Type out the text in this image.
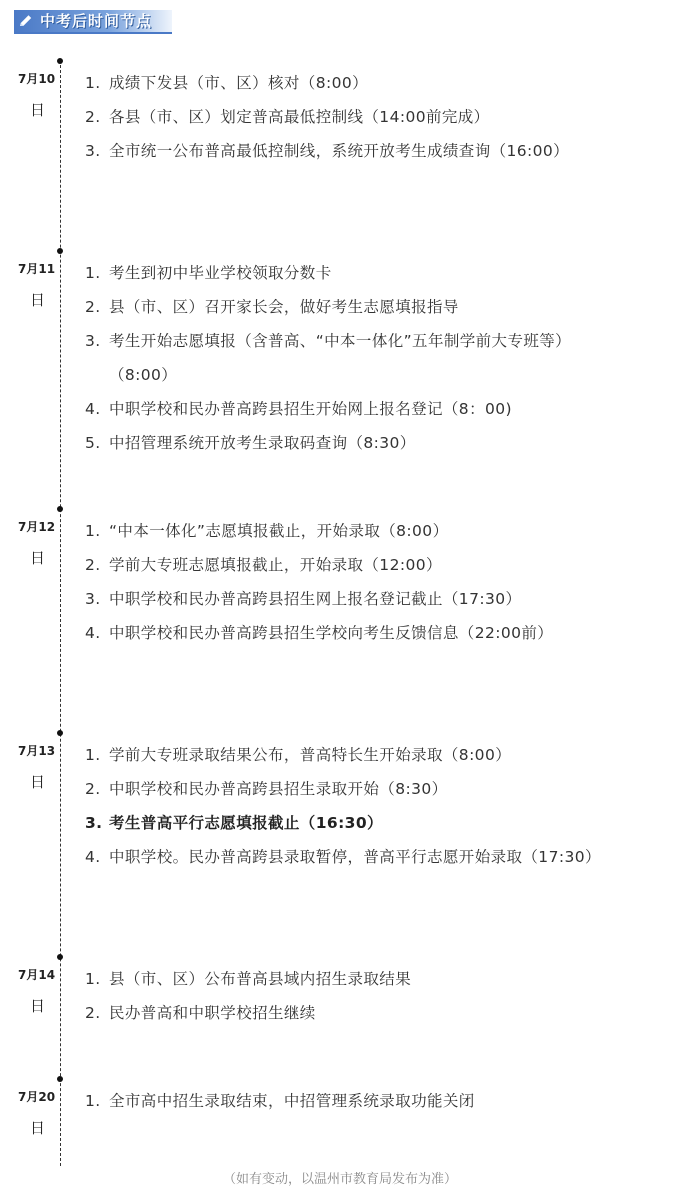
中考后时间节点
7月10
日
1. 成绩下发县（市、区）核对（8:00）
2. 各县（市、区）划定普高最低控制线（14:00前完成）
3. 全市统一公布普高最低控制线，系统开放考生成绩查询（16:00）
7月11
日
1. 考生到初中毕业学校领取分数卡
2. 县（市、区）召开家长会，做好考生志愿填报指导
3. 考生开始志愿填报（含普高、“中本一体化”五年制学前大专班等）（8:00）
4. 中职学校和民办普高跨县招生开始网上报名登记（8：00)
5. 中招管理系统开放考生录取码查询（8:30）
7月12
日
1. “中本一体化”志愿填报截止，开始录取（8:00）
2. 学前大专班志愿填报截止，开始录取（12:00）
3. 中职学校和民办普高跨县招生网上报名登记截止（17:30）
4. 中职学校和民办普高跨县招生学校向考生反馈信息（22:00前）
7月13
日
1. 学前大专班录取结果公布，普高特长生开始录取（8:00）
2. 中职学校和民办普高跨县招生录取开始（8:30）
3. 考生普高平行志愿填报截止（16:30）
4. 中职学校。民办普高跨县录取暂停，普高平行志愿开始录取（17:30）
7月14
日
1. 县（市、区）公布普高县域内招生录取结果
2. 民办普高和中职学校招生继续
7月20
日
1. 全市高中招生录取结束，中招管理系统录取功能关闭
（如有变动，以温州市教育局发布为准）
